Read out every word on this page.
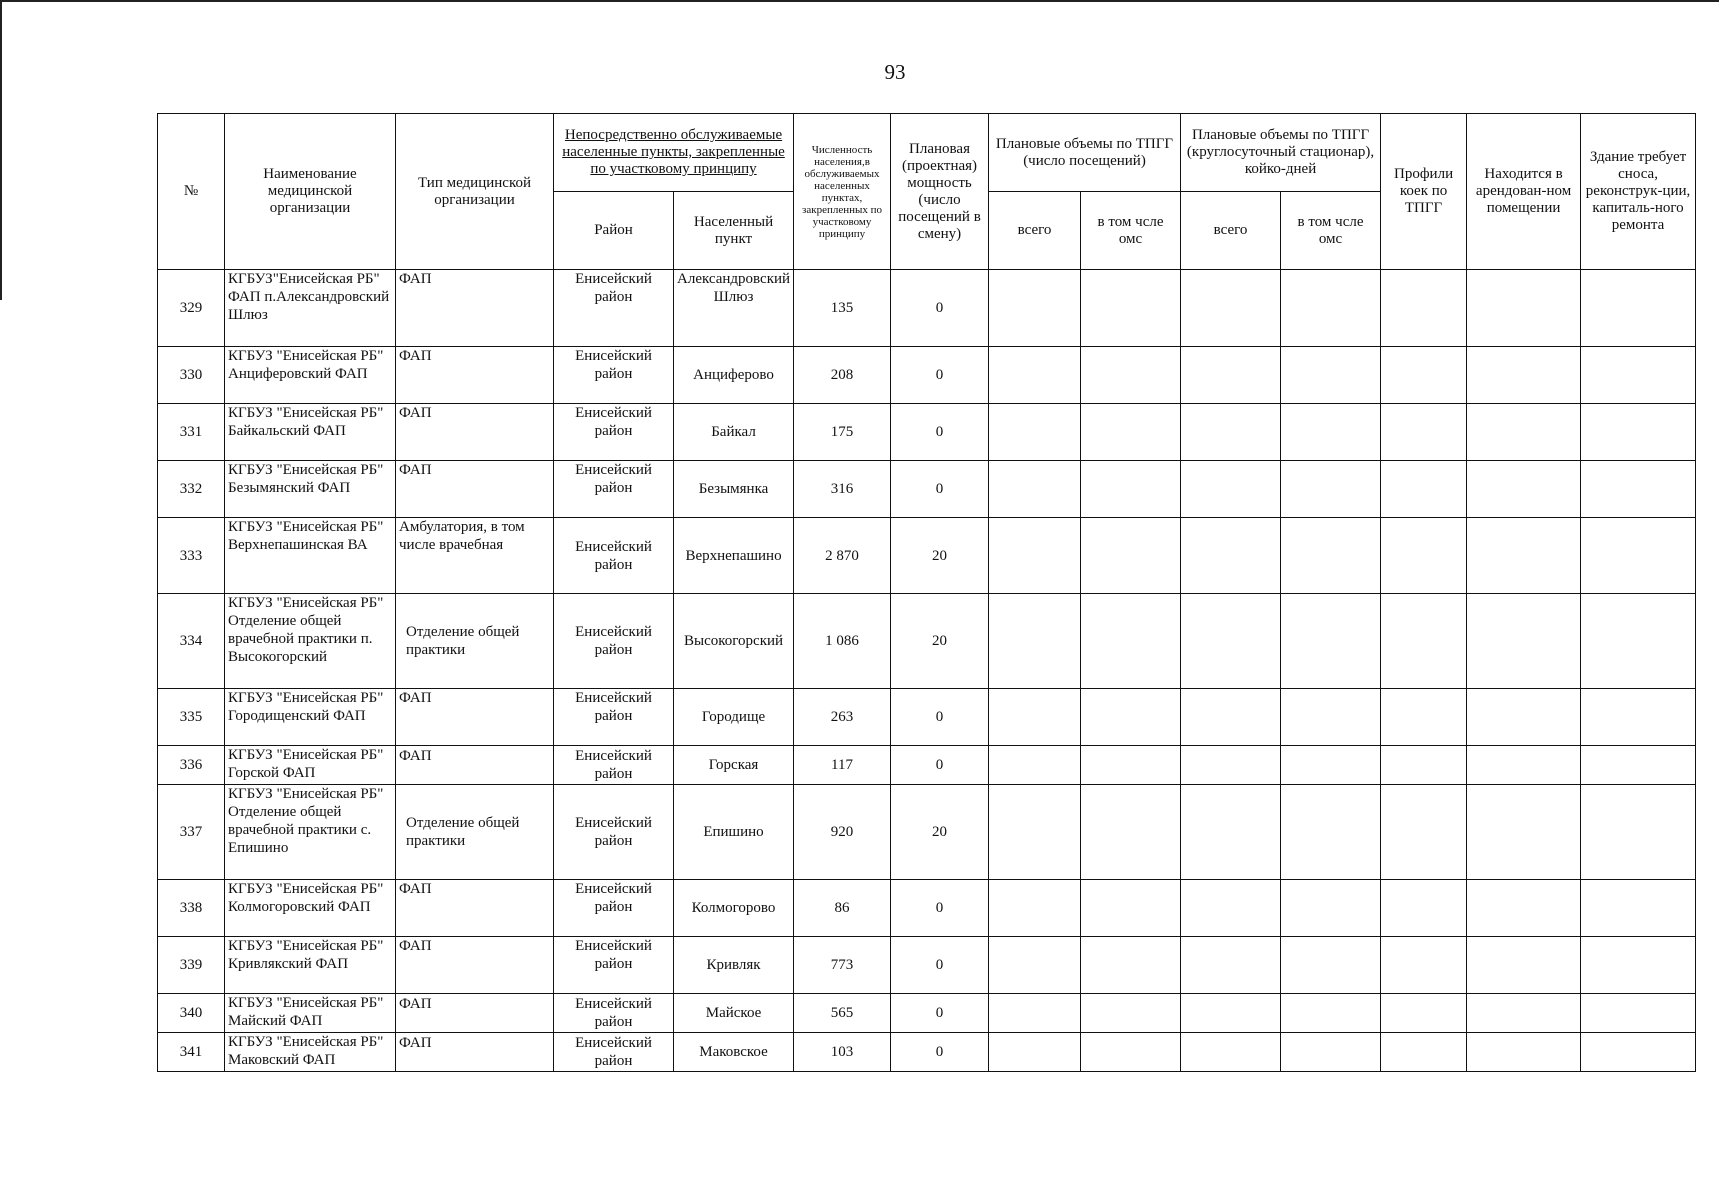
93
№	Наименование медицинской организации	Тип медицинской организации	Непосредственно обслуживаемые населенные пункты, закрепленные по участковому принципу		Численность населения,в обслуживаемых населенных пунктах, закрепленных по участковому принципу	Плановая (проектная) мощность (число посещений в смену)	Плановые объемы по ТПГГ (число посещений)		Плановые объемы по ТПГГ (круглосуточный стационар), койко-дней		Профили коек по ТПГГ	Находится в арендован-ном помещении	Здание требует сноса, реконструк-ции, капиталь-ного ремонта
			Район	Населенный пункт			всего	в том чсле омс	всего	в том чсле омс			
329	КГБУЗ"Енисейская РБ" ФАП п.Александровский Шлюз	ФАП	Енисейский район	Александровский Шлюз	135	0							
330	КГБУЗ "Енисейская РБ" Анциферовский ФАП	ФАП	Енисейский район	Анциферово	208	0							
331	КГБУЗ "Енисейская РБ" Байкальский ФАП	ФАП	Енисейский район	Байкал	175	0							
332	КГБУЗ "Енисейская РБ" Безымянский ФАП	ФАП	Енисейский район	Безымянка	316	0							
333	КГБУЗ "Енисейская РБ" Верхнепашинская ВА	Амбулатория, в том числе врачебная	Енисейский район	Верхнепашино	2 870	20							
334	КГБУЗ "Енисейская РБ" Отделение общей врачебной практики п. Высокогорский	Отделение общей практики	Енисейский район	Высокогорский	1 086	20							
335	КГБУЗ "Енисейская РБ" Городищенский ФАП	ФАП	Енисейский район	Городище	263	0							
336	КГБУЗ "Енисейская РБ" Горской ФАП	ФАП	Енисейский район	Горская	117	0							
337	КГБУЗ "Енисейская РБ" Отделение общей врачебной практики с. Епишино	Отделение общей практики	Енисейский район	Епишино	920	20							
338	КГБУЗ "Енисейская РБ" Колмогоровский ФАП	ФАП	Енисейский район	Колмогорово	86	0							
339	КГБУЗ "Енисейская РБ" Кривлякский ФАП	ФАП	Енисейский район	Кривляк	773	0							
340	КГБУЗ "Енисейская РБ" Майский ФАП	ФАП	Енисейский район	Майское	565	0							
341	КГБУЗ "Енисейская РБ" Маковский ФАП	ФАП	Енисейский район	Маковское	103	0							
